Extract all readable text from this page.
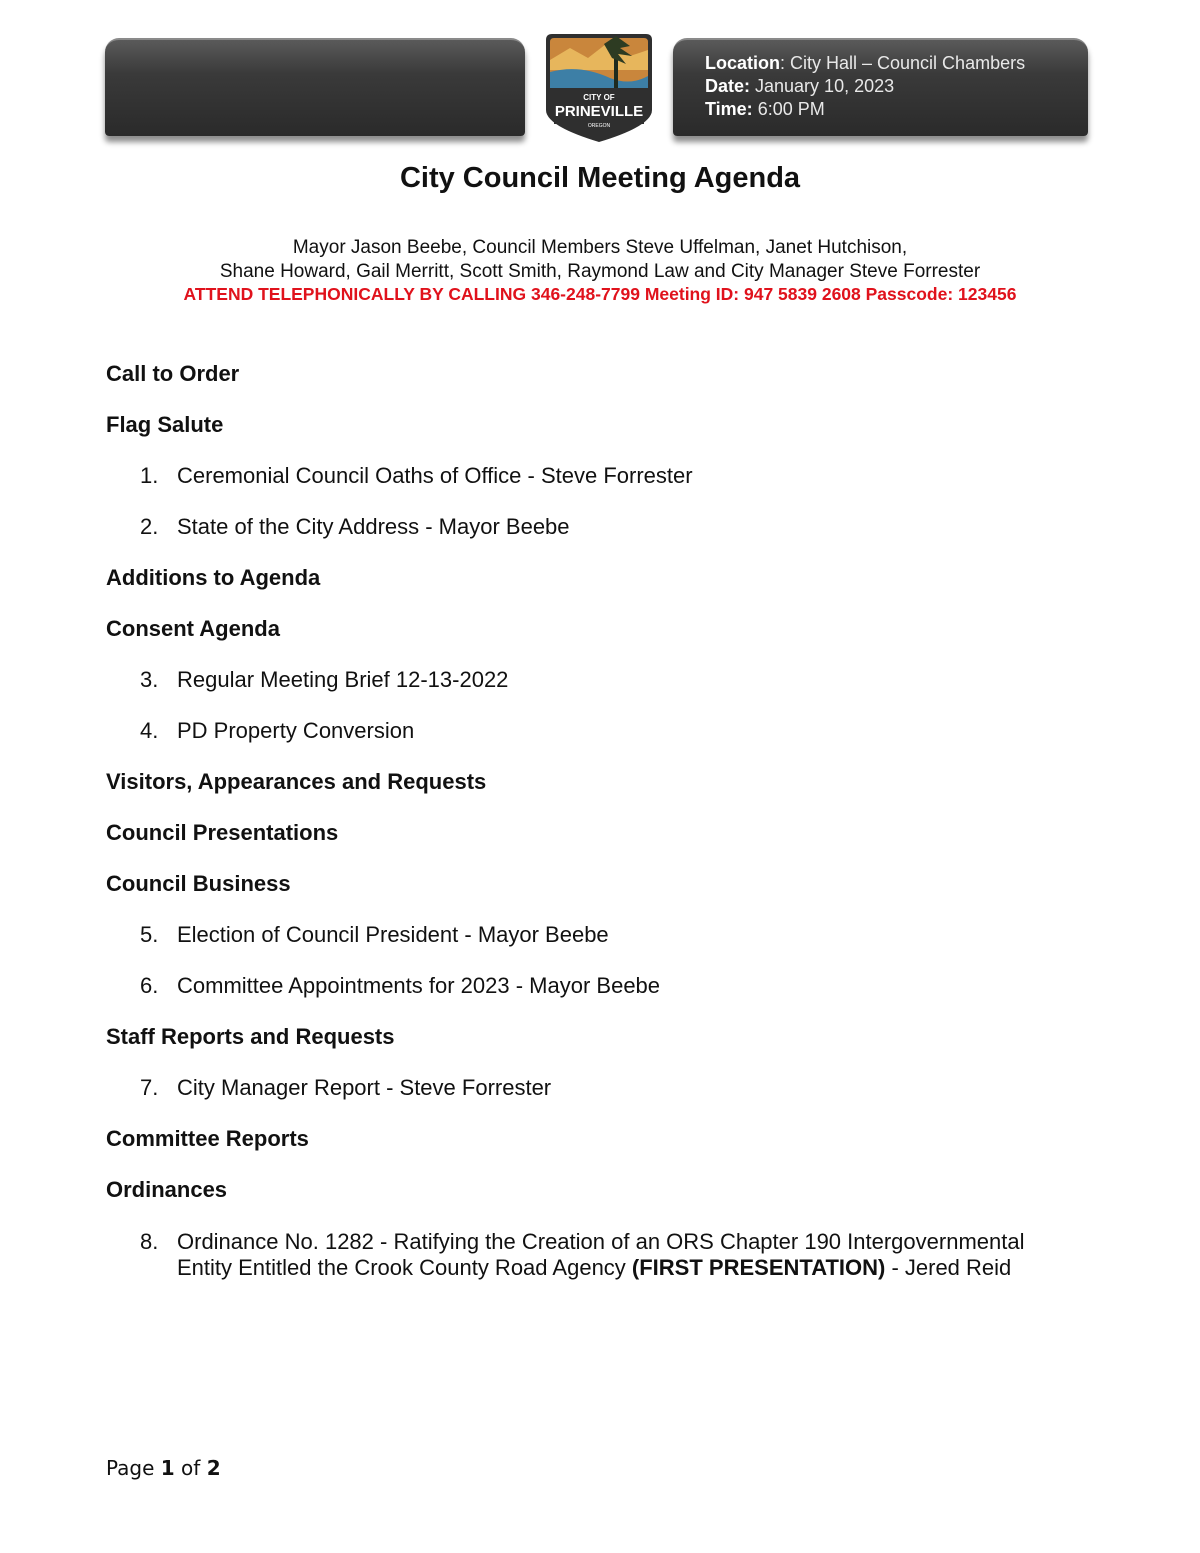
CITY OF
PRINEVILLE
OREGON
Location: City Hall – Council Chambers
Date: January 10, 2023
Time: 6:00 PM
City Council Meeting Agenda
Mayor Jason Beebe, Council Members Steve Uffelman, Janet Hutchison,
Shane Howard, Gail Merritt, Scott Smith, Raymond Law and City Manager Steve Forrester
ATTEND TELEPHONICALLY BY CALLING 346-248-7799 Meeting ID: 947 5839 2608 Passcode: 123456
Call to Order
Flag Salute
1. Ceremonial Council Oaths of Office - Steve Forrester
2. State of the City Address - Mayor Beebe
Additions to Agenda
Consent Agenda
3. Regular Meeting Brief 12-13-2022
4. PD Property Conversion
Visitors, Appearances and Requests
Council Presentations
Council Business
5. Election of Council President - Mayor Beebe
6. Committee Appointments for 2023 - Mayor Beebe
Staff Reports and Requests
7. City Manager Report - Steve Forrester
Committee Reports
Ordinances
8. Ordinance No. 1282 - Ratifying the Creation of an ORS Chapter 190 Intergovernmental
Entity Entitled the Crook County Road Agency (FIRST PRESENTATION) - Jered Reid
Page 1 of 2
